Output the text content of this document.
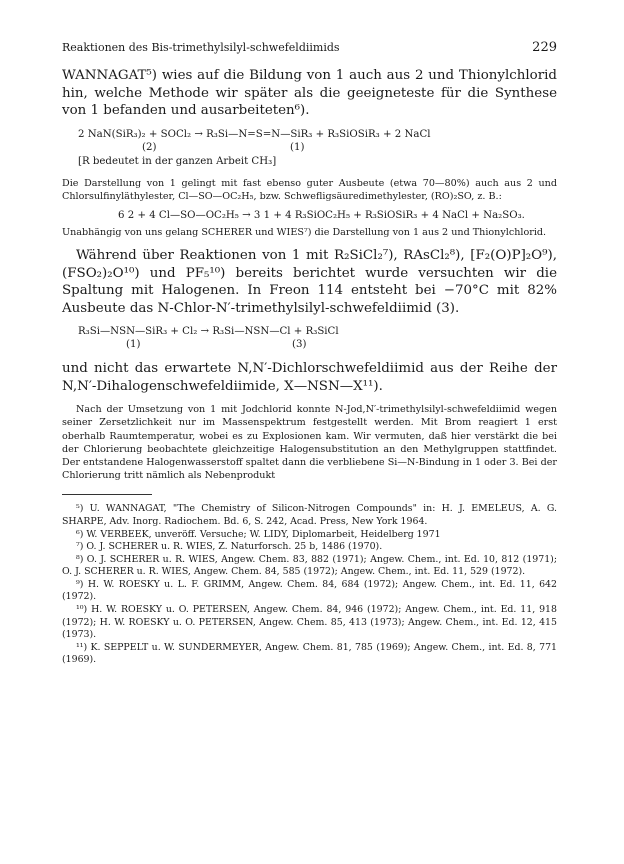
Reaktionen des Bis-trimethylsilyl-schwefeldiimids	229

WANNAGAT⁵) wies auf die Bildung von 1 auch aus 2 und Thionylchlorid hin, welche Methode wir später als die geeigneteste für die Synthese von 1 befanden und ausarbeiteten⁶).

2 NaN(SiR₃)₂ + SOCl₂ → R₃Si—N=S=N—SiR₃ + R₃SiOSiR₃ + 2 NaCl
(2)	(1)
[R bedeutet in der ganzen Arbeit CH₃]

Die Darstellung von 1 gelingt mit fast ebenso guter Ausbeute (etwa 70—80%) auch aus 2 und Chlorsulfinyläthylester, Cl—SO—OC₂H₅, bzw. Schwefligsäuredimethylester, (RO)₂SO, z. B.:

6 2 + 4 Cl—SO—OC₂H₅ → 3 1 + 4 R₃SiOC₂H₅ + R₃SiOSiR₃ + 4 NaCl + Na₂SO₃.

Unabhängig von uns gelang SCHERER und WIES⁷) die Darstellung von 1 aus 2 und Thionylchlorid.

Während über Reaktionen von 1 mit R₂SiCl₂⁷), RAsCl₂⁸), [F₂(O)P]₂O⁹), (FSO₂)₂O¹⁰) und PF₅¹⁰) bereits berichtet wurde versuchten wir die Spaltung mit Halogenen. In Freon 114 entsteht bei −70°C mit 82% Ausbeute das N-Chlor-N′-trimethylsilyl-schwefeldiimid (3).

R₃Si—NSN—SiR₃ + Cl₂ → R₃Si—NSN—Cl + R₃SiCl
(1)	(3)

und nicht das erwartete N,N′-Dichlorschwefeldiimid aus der Reihe der N,N′-Dihalogenschwefeldiimide, X—NSN—X¹¹).

Nach der Umsetzung von 1 mit Jodchlorid konnte N-Jod,N′-trimethylsilyl-schwefeldiimid wegen seiner Zersetzlichkeit nur im Massenspektrum festgestellt werden. Mit Brom reagiert 1 erst oberhalb Raumtemperatur, wobei es zu Explosionen kam. Wir vermuten, daß hier verstärkt die bei der Chlorierung beobachtete gleichzeitige Halogensubstitution an den Methylgruppen stattfindet. Der entstandene Halogenwasserstoff spaltet dann die verbliebene Si—N-Bindung in 1 oder 3. Bei der Chlorierung tritt nämlich als Nebenprodukt

⁵) U. WANNAGAT, "The Chemistry of Silicon-Nitrogen Compounds" in: H. J. EMELEUS, A. G. SHARPE, Adv. Inorg. Radiochem. Bd. 6, S. 242, Acad. Press, New York 1964.

⁶) W. VERBEEK, unveröff. Versuche; W. LIDY, Diplomarbeit, Heidelberg 1971

⁷) O. J. SCHERER u. R. WIES, Z. Naturforsch. 25 b, 1486 (1970).

⁸) O. J. SCHERER u. R. WIES, Angew. Chem. 83, 882 (1971); Angew. Chem., int. Ed. 10, 812 (1971); O. J. SCHERER u. R. WIES, Angew. Chem. 84, 585 (1972); Angew. Chem., int. Ed. 11, 529 (1972).

⁹) H. W. ROESKY u. L. F. GRIMM, Angew. Chem. 84, 684 (1972); Angew. Chem., int. Ed. 11, 642 (1972).

¹⁰) H. W. ROESKY u. O. PETERSEN, Angew. Chem. 84, 946 (1972); Angew. Chem., int. Ed. 11, 918 (1972); H. W. ROESKY u. O. PETERSEN, Angew. Chem. 85, 413 (1973); Angew. Chem., int. Ed. 12, 415 (1973).

¹¹) K. SEPPELT u. W. SUNDERMEYER, Angew. Chem. 81, 785 (1969); Angew. Chem., int. Ed. 8, 771 (1969).
